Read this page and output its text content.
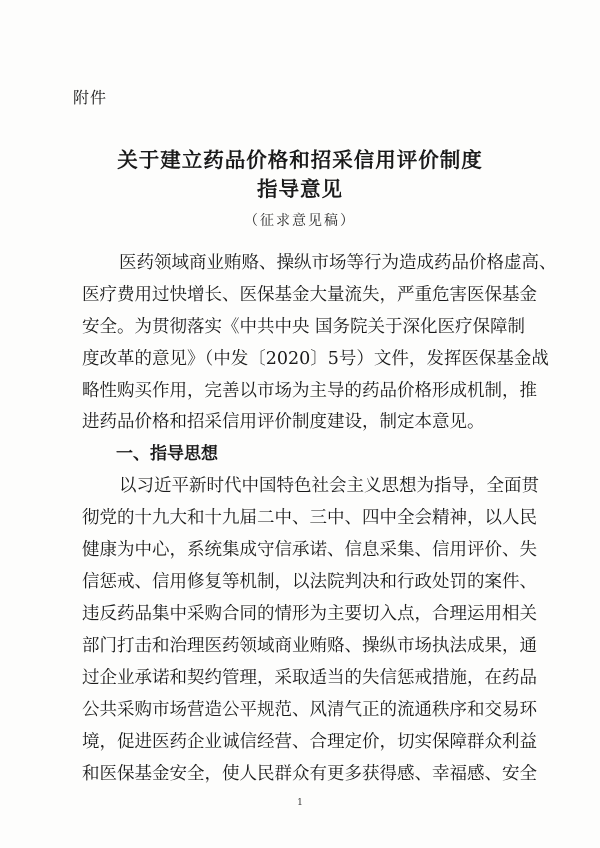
附件
关于建立药品价格和招采信用评价制度
指导意见
（征求意见稿）
医药领域商业贿赂、操纵市场等行为造成药品价格虚高、
医疗费用过快增长、医保基金大量流失，严重危害医保基金
安全。为贯彻落实《中共中央 国务院关于深化医疗保障制
度改革的意见》（中发〔2020〕5号）文件，发挥医保基金战
略性购买作用，完善以市场为主导的药品价格形成机制，推
进药品价格和招采信用评价制度建设，制定本意见。
一、指导思想
以习近平新时代中国特色社会主义思想为指导，全面贯
彻党的十九大和十九届二中、三中、四中全会精神，以人民
健康为中心，系统集成守信承诺、信息采集、信用评价、失
信惩戒、信用修复等机制，以法院判决和行政处罚的案件、
违反药品集中采购合同的情形为主要切入点，合理运用相关
部门打击和治理医药领域商业贿赂、操纵市场执法成果，通
过企业承诺和契约管理，采取适当的失信惩戒措施，在药品
公共采购市场营造公平规范、风清气正的流通秩序和交易环
境，促进医药企业诚信经营、合理定价，切实保障群众利益
和医保基金安全，使人民群众有更多获得感、幸福感、安全
1
